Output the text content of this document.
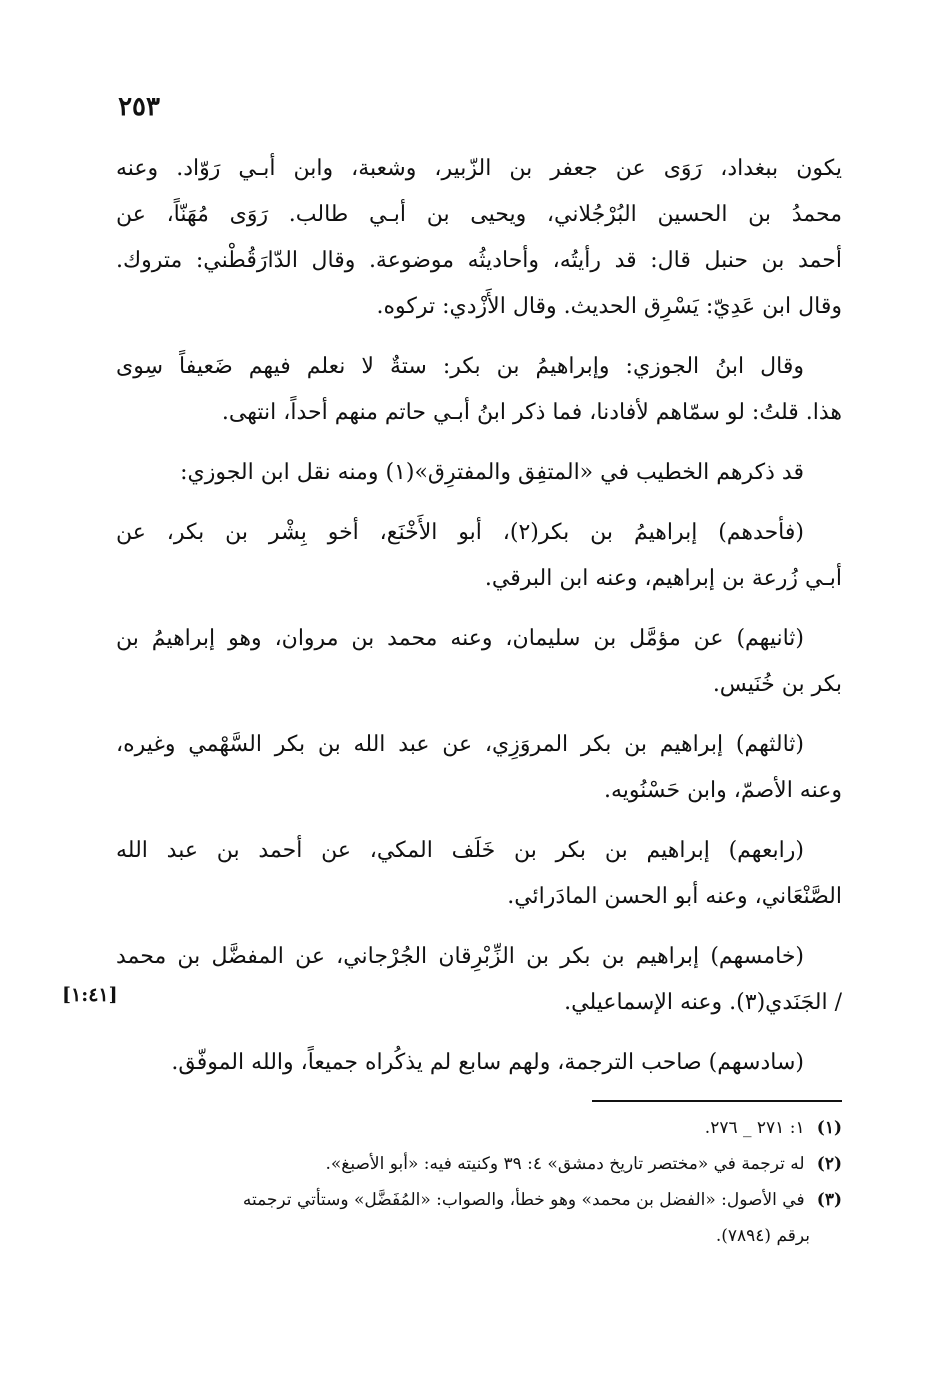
٢٥٣
يكون ببغداد، رَوَى عن جعفر بن الزّبير، وشعبة، وابن أبـي رَوّاد. وعنه
محمدُ بن الحسين البُرْجُلاني، ويحيى بن أبـي طالب. رَوَى مُهَنّاً، عن
أحمد بن حنبل قال: قد رأيتُه، وأحاديثُه موضوعة. وقال الدّارَقُطْني: متروك.
وقال ابن عَدِيّ: يَسْرِق الحديث. وقال الأَزْدي: تركوه.
وقال ابنُ الجوزي: وإبراهيمُ بن بكر: ستةٌ لا نعلم فيهم ضَعيفاً سِوى
هذا. قلتُ: لو سمّاهم لأفادنا، فما ذكر ابنُ أبـي حاتم منهم أحداً، انتهى.
قد ذكرهم الخطيب في «المتفِق والمفترِق»(١) ومنه نقل ابن الجوزي:
(فأحدهم) إبراهيمُ بن بكر(٢)، أبو الأَخْنَع، أخو بِشْر بن بكر، عن
أبـي زُرعة بن إبراهيم، وعنه ابن البرقي.
(ثانيهم) عن مؤمَّل بن سليمان، وعنه محمد بن مروان، وهو إبراهيمُ بن
بكر بن خُنَيس.
(ثالثهم) إبراهيم بن بكر المروَزِي، عن عبد الله بن بكر السَّهْمي وغيره،
وعنه الأصمّ، وابن حَسْنُويه.
(رابعهم) إبراهيم بن بكر بن خَلَف المكي، عن أحمد بن عبد الله
الصَّنْعَاني، وعنه أبو الحسن المادَرائي.
(خامسهم) إبراهيم بن بكر بن الزِّبْرِقان الجُرْجاني، عن المفضَّل بن محمد
/ الجَنَدي(٣). وعنه الإسماعيلي.
(سادسهم) صاحب الترجمة، ولهم سابع لم يذكُراه جميعاً، والله الموفّق.
[١:٤١]
(١) ١: ٢٧١ _ ٢٧٦.
(٢) له ترجمة في «مختصر تاريخ دمشق» ٤: ٣٩ وكنيته فيه: «أبو الأصبغ».
(٣) في الأصول: «الفضل بن محمد» وهو خطأ، والصواب: «المُفَضَّل» وستأتي ترجمته
برقم (٧٨٩٤).
